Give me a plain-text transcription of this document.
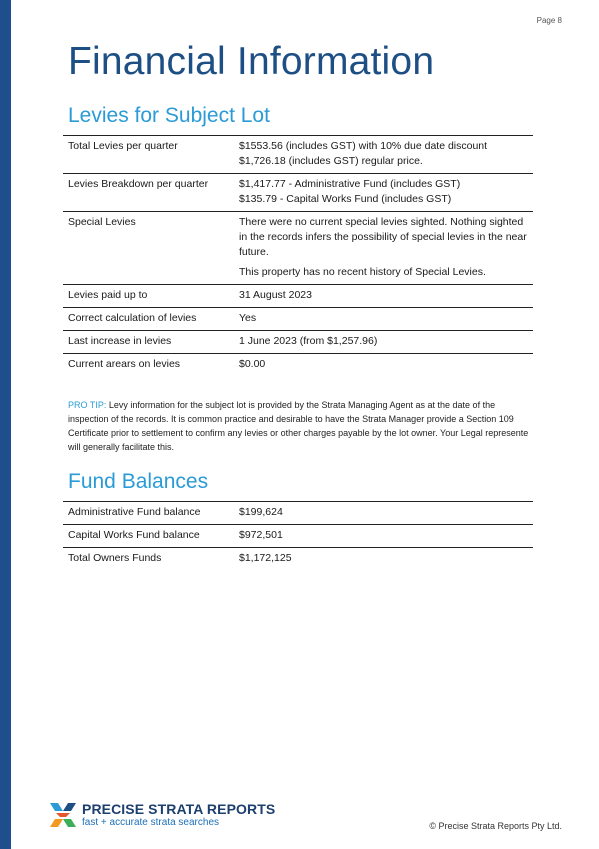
Page 8
Financial Information
Levies for Subject Lot
Total Levies per quarter	$1553.56 (includes GST) with 10% due date discount
$1,726.18 (includes GST) regular price.
Levies Breakdown per quarter	$1,417.77 - Administrative Fund (includes GST)
$135.79 - Capital Works Fund (includes GST)
Special Levies	There were no current special levies sighted. Nothing sighted in the records infers the possibility of special levies in the near future.
This property has no recent history of Special Levies.
Levies paid up to	31 August 2023
Correct calculation of levies	Yes
Last increase in levies	1 June 2023 (from $1,257.96)
Current arears on levies	$0.00

PRO TIP: Levy information for the subject lot is provided by the Strata Managing Agent as at the date of the inspection of the records. It is common practice and desirable to have the Strata Manager provide a Section 109 Certificate prior to settlement to confirm any levies or other charges payable by the lot owner. Your Legal represente will generally facilitate this.

Fund Balances
Administrative Fund balance	$199,624
Capital Works Fund balance	$972,501
Total Owners Funds	$1,172,125
PRECISE STRATA REPORTS
fast + accurate strata searches	© Precise Strata Reports Pty Ltd.
